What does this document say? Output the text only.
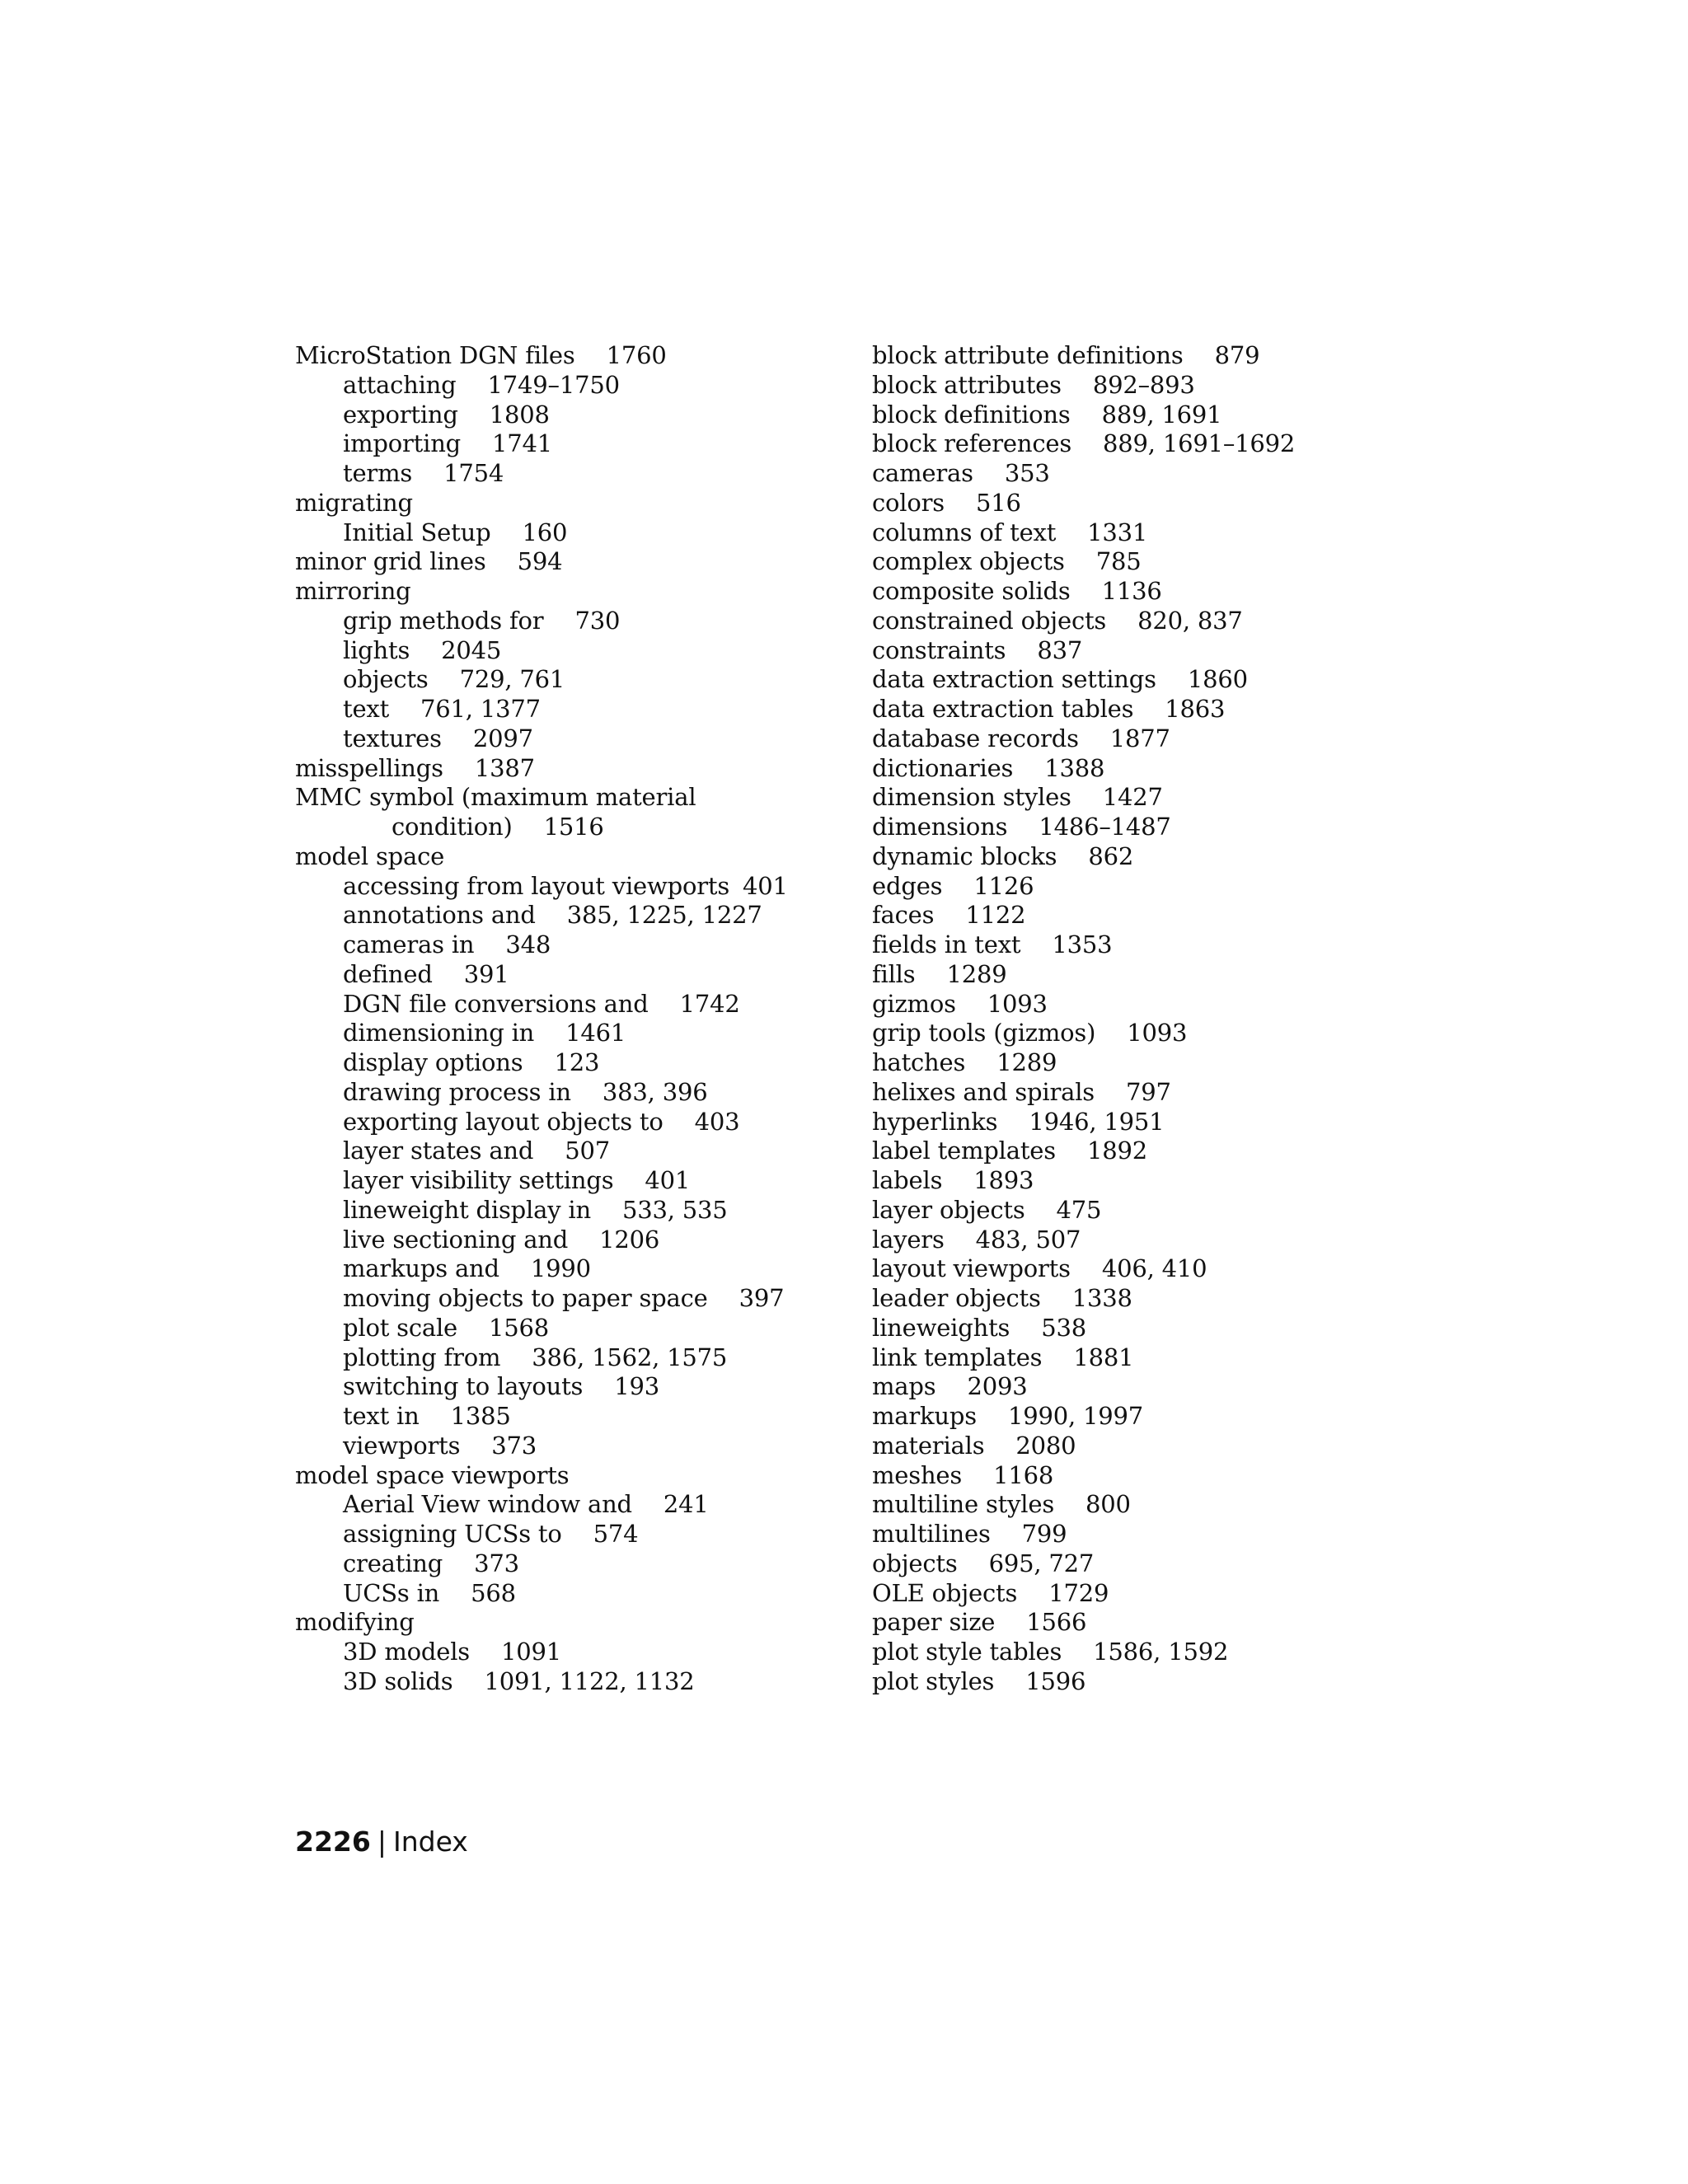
MicroStation DGN files 1760
attaching 1749–1750
exporting 1808
importing 1741
terms 1754
migrating
Initial Setup 160
minor grid lines 594
mirroring
grip methods for 730
lights 2045
objects 729, 761
text 761, 1377
textures 2097
misspellings 1387
MMC symbol (maximum material
condition) 1516
model space
accessing from layout viewports 401
annotations and 385, 1225, 1227
cameras in 348
defined 391
DGN file conversions and 1742
dimensioning in 1461
display options 123
drawing process in 383, 396
exporting layout objects to 403
layer states and 507
layer visibility settings 401
lineweight display in 533, 535
live sectioning and 1206
markups and 1990
moving objects to paper space 397
plot scale 1568
plotting from 386, 1562, 1575
switching to layouts 193
text in 1385
viewports 373
model space viewports
Aerial View window and 241
assigning UCSs to 574
creating 373
UCSs in 568
modifying
3D models 1091
3D solids 1091, 1122, 1132
block attribute definitions 879
block attributes 892–893
block definitions 889, 1691
block references 889, 1691–1692
cameras 353
colors 516
columns of text 1331
complex objects 785
composite solids 1136
constrained objects 820, 837
constraints 837
data extraction settings 1860
data extraction tables 1863
database records 1877
dictionaries 1388
dimension styles 1427
dimensions 1486–1487
dynamic blocks 862
edges 1126
faces 1122
fields in text 1353
fills 1289
gizmos 1093
grip tools (gizmos) 1093
hatches 1289
helixes and spirals 797
hyperlinks 1946, 1951
label templates 1892
labels 1893
layer objects 475
layers 483, 507
layout viewports 406, 410
leader objects 1338
lineweights 538
link templates 1881
maps 2093
markups 1990, 1997
materials 2080
meshes 1168
multiline styles 800
multilines 799
objects 695, 727
OLE objects 1729
paper size 1566
plot style tables 1586, 1592
plot styles 1596
2226 | Index
